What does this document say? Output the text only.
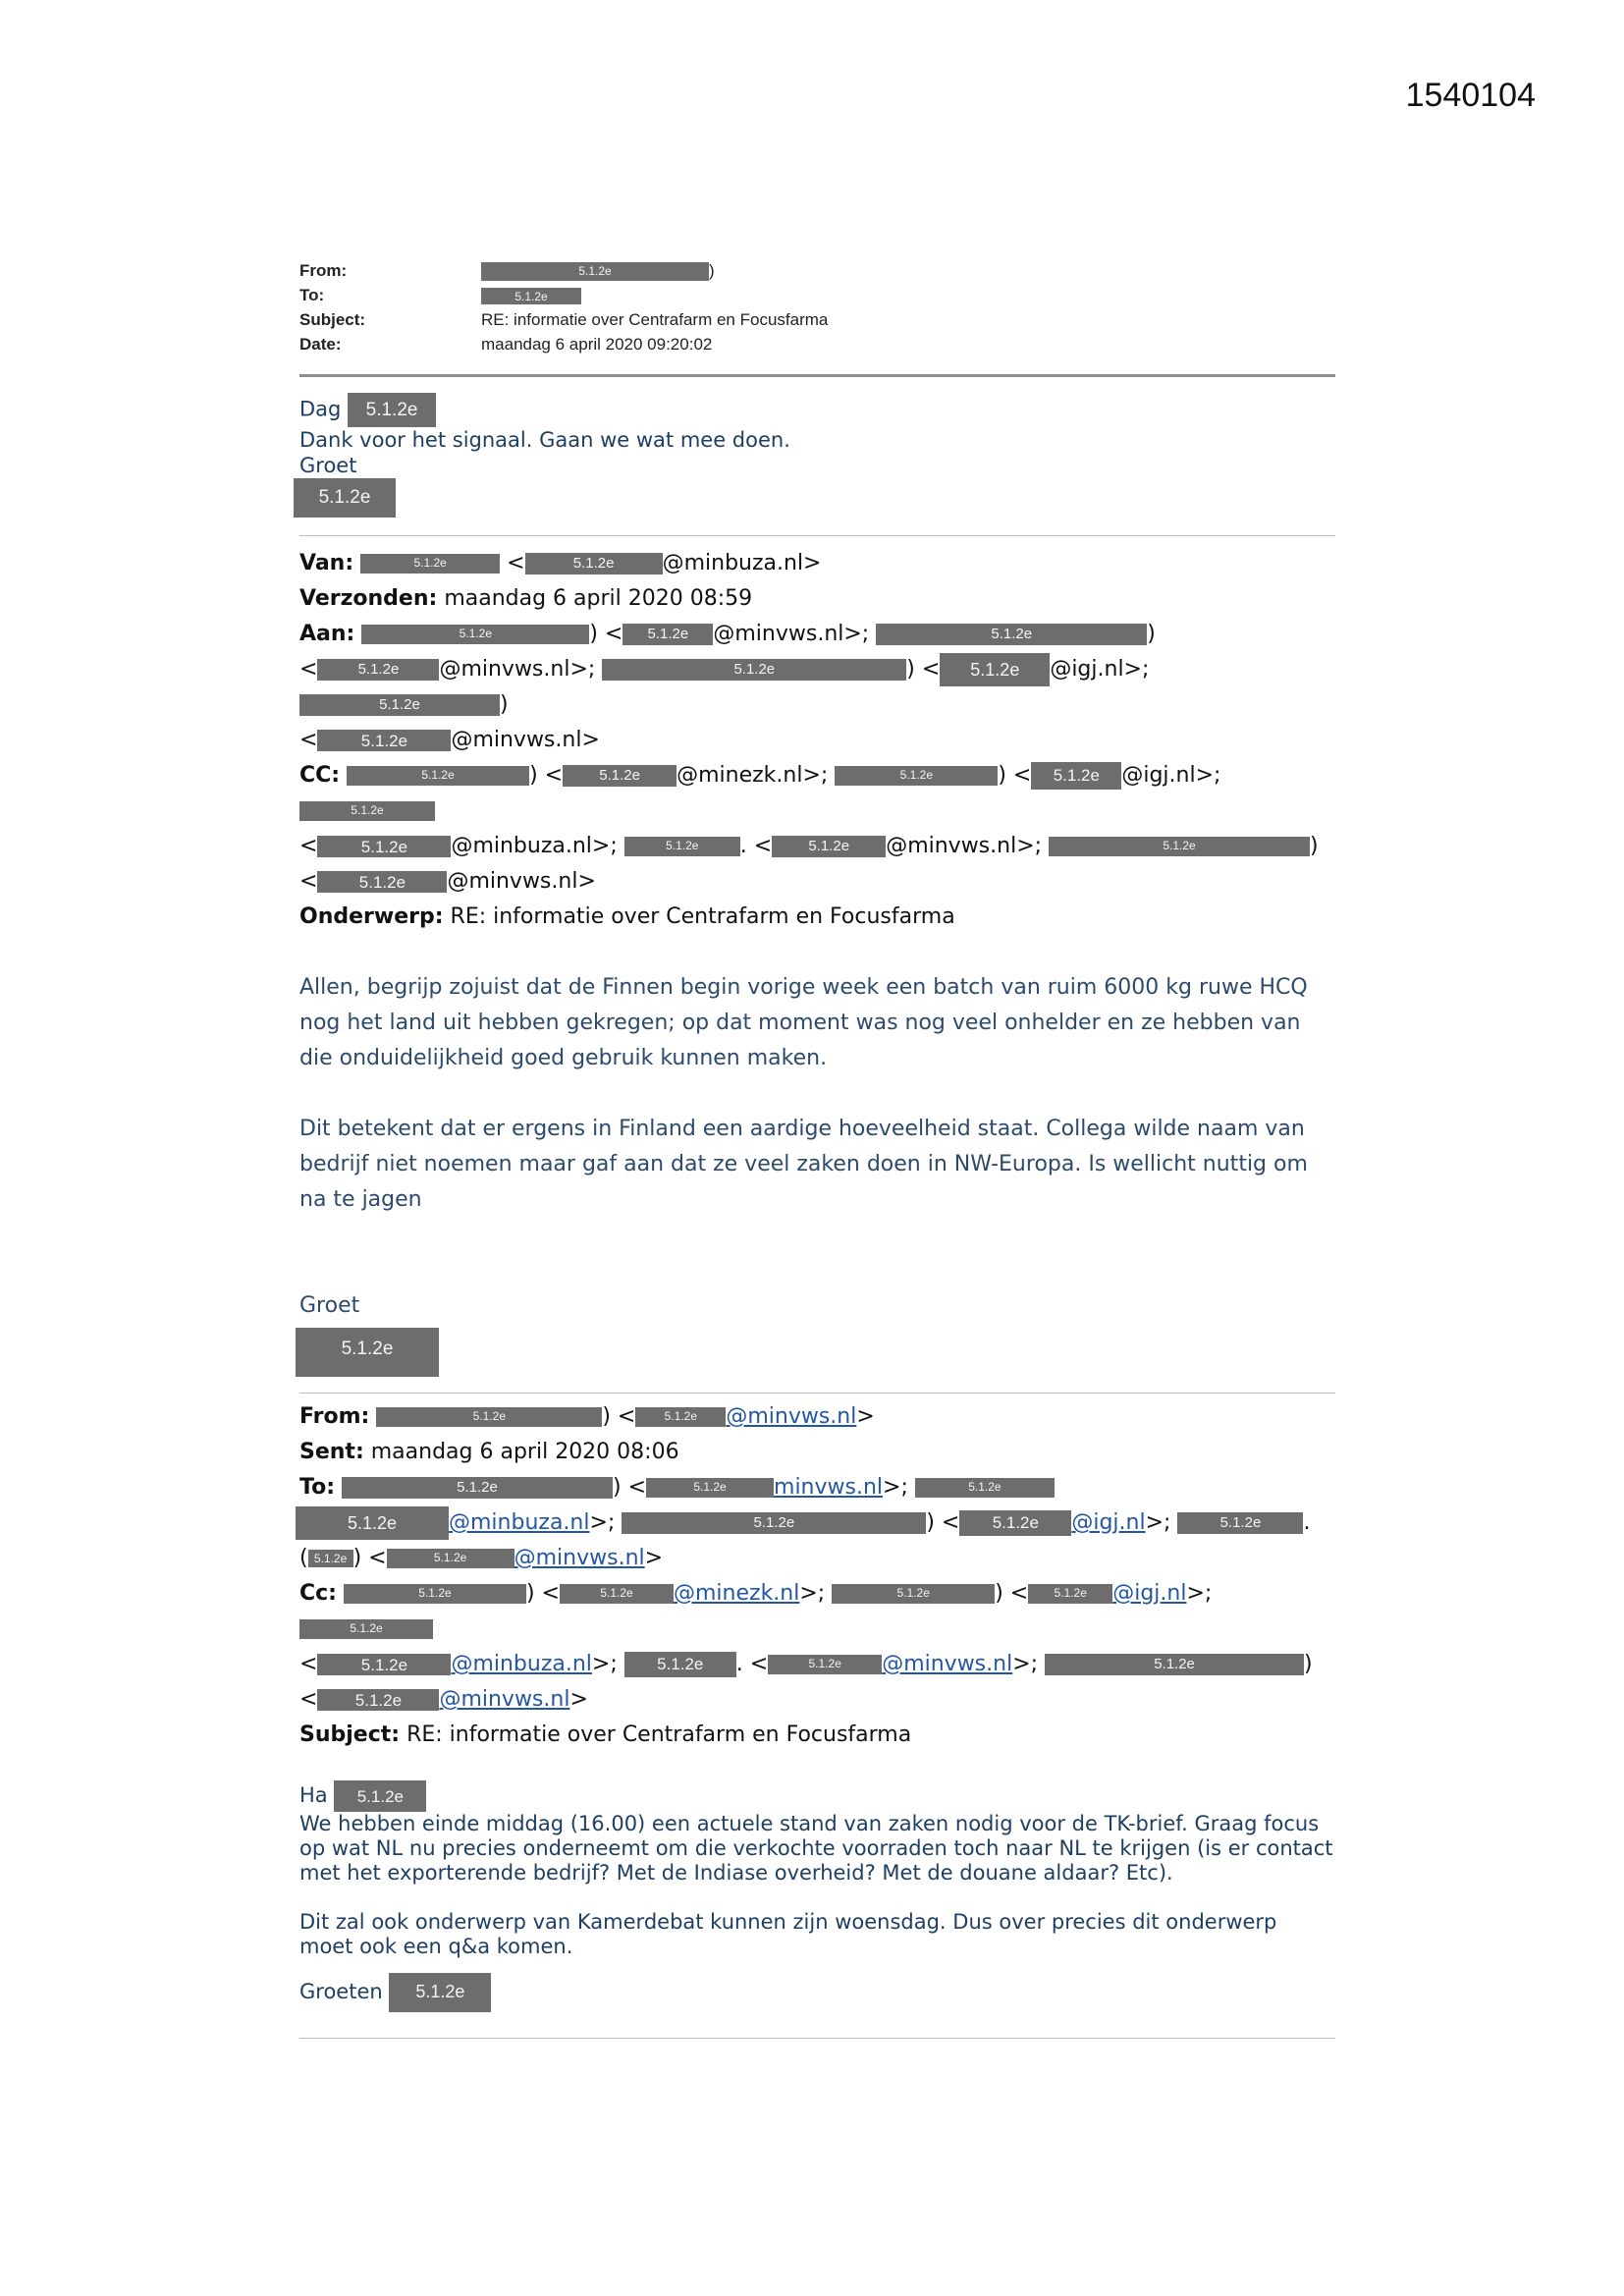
1540104
From:	5.1.2e	)
To:	5.1.2e
Subject:	RE: informatie over Centrafarm en Focusfarma
Date:	maandag 6 april 2020 09:20:02
Dag 5.1.2e
Dank voor het signaal. Gaan we wat mee doen.
Groet
5.1.2e
Van:	5.1.2e <	5.1.2e @minbuza.nl>
Verzonden: maandag 6 april 2020 08:59
Aan:	5.1.2e	) < 5.1.2e @minvws.nl>;	5.1.2e	)
<	5.1.2e @minvws.nl>;	5.1.2e	) < 5.1.2e @igj.nl>; 5.1.2e	)
<	5.1.2e @minvws.nl>
CC:	5.1.2e	) < 5.1.2e @minezk.nl>;	5.1.2e	) < 5.1.2e @igj.nl>; 5.1.2e
<	5.1.2e @minbuza.nl>;	5.1.2e . < 5.1.2e @minvws.nl>;	5.1.2e	)
< 5.1.2e @minvws.nl>
Onderwerp: RE: informatie over Centrafarm en Focusfarma
Allen, begrijp zojuist dat de Finnen begin vorige week een batch van ruim 6000 kg ruwe HCQ nog het land uit hebben gekregen; op dat moment was nog veel onhelder en ze hebben van die onduidelijkheid goed gebruik kunnen maken.
Dit betekent dat er ergens in Finland een aardige hoeveelheid staat. Collega wilde naam van bedrijf niet noemen maar gaf aan dat ze veel zaken doen in NW-Europa. Is wellicht nuttig om na te jagen
Groet
5.1.2e
From:	5.1.2e	) < 5.1.2e @minvws.nl>
Sent: maandag 6 april 2020 08:06
To:	5.1.2e	) <	5.1.2e minvws.nl>;	5.1.2e
5.1.2e @minbuza.nl>;	5.1.2e	) < 5.1.2e @igj.nl>;	5.1.2e .
( 5.1.2e ) <	5.1.2e @minvws.nl>
Cc:	5.1.2e	) <	5.1.2e @minezk.nl>;	5.1.2e	) < 5.1.2e @igj.nl>; 5.1.2e
<	5.1.2e @minbuza.nl>; 5.1.2e . <	5.1.2e @minvws.nl>;	5.1.2e	)
< 5.1.2e @minvws.nl>
Subject: RE: informatie over Centrafarm en Focusfarma
Ha 5.1.2e
We hebben einde middag (16.00) een actuele stand van zaken nodig voor de TK-brief. Graag focus op wat NL nu precies onderneemt om die verkochte voorraden toch naar NL te krijgen (is er contact met het exporterende bedrijf? Met de Indiase overheid? Met de douane aldaar? Etc).
Dit zal ook onderwerp van Kamerdebat kunnen zijn woensdag. Dus over precies dit onderwerp moet ook een q&a komen.
Groeten 5.1.2e
